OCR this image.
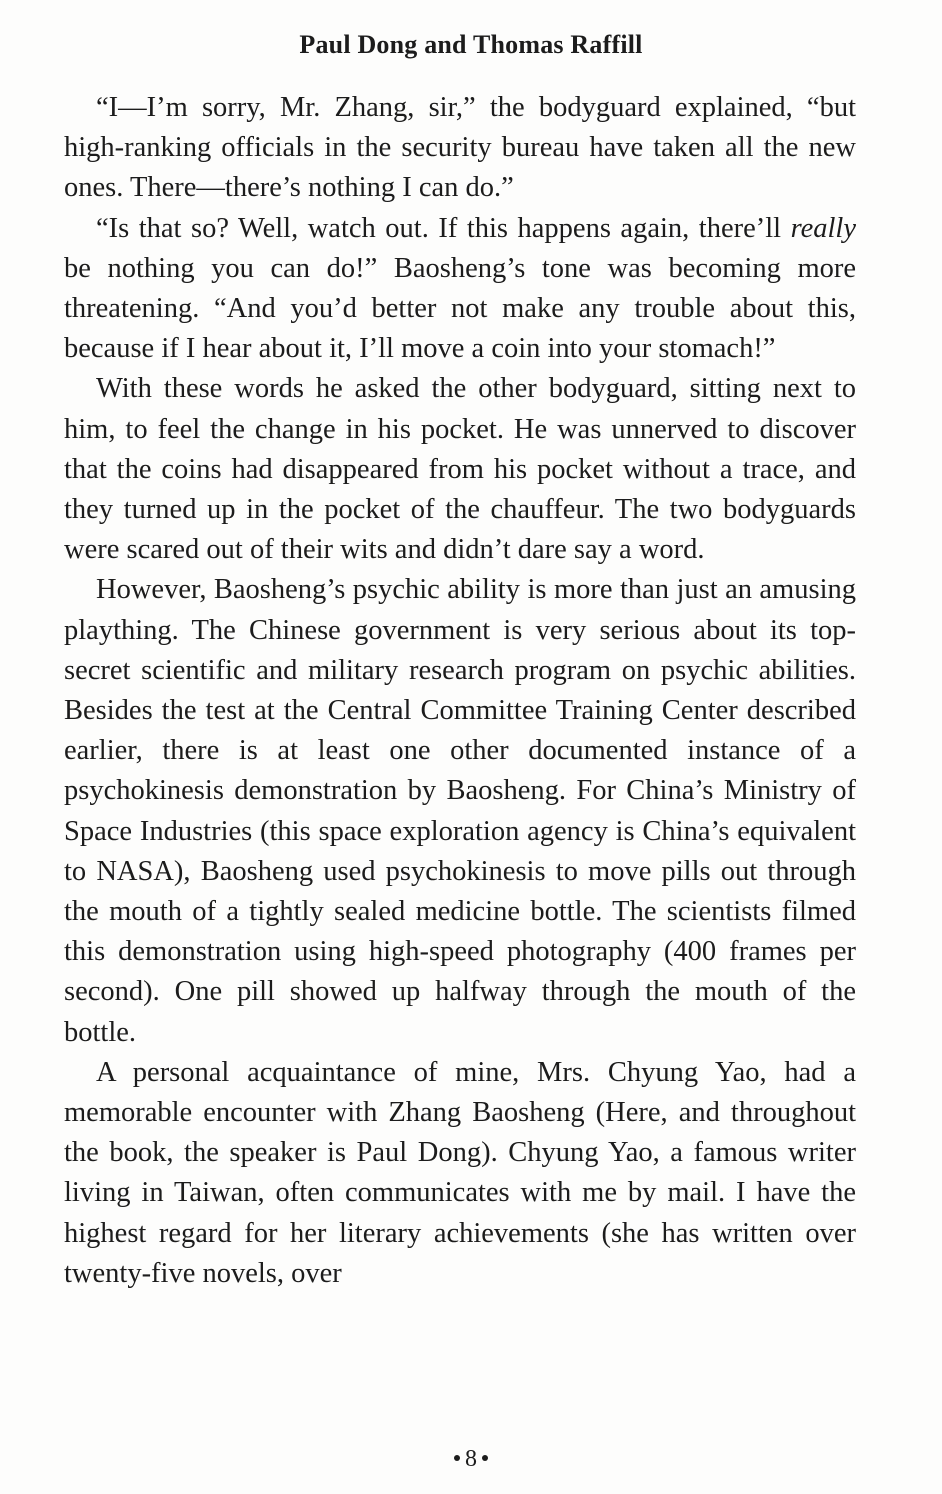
Paul Dong and Thomas Raffill

“I—I’m sorry, Mr. Zhang, sir,” the bodyguard explained, “but high-ranking officials in the security bureau have taken all the new ones. There—there’s nothing I can do.”

“Is that so? Well, watch out. If this happens again, there’ll really be nothing you can do!” Baosheng’s tone was becoming more threatening. “And you’d better not make any trouble about this, because if I hear about it, I’ll move a coin into your stomach!”

With these words he asked the other bodyguard, sitting next to him, to feel the change in his pocket. He was unnerved to discover that the coins had disappeared from his pocket without a trace, and they turned up in the pocket of the chauffeur. The two bodyguards were scared out of their wits and didn’t dare say a word.

However, Baosheng’s psychic ability is more than just an amusing plaything. The Chinese government is very serious about its top-secret scientific and military research program on psychic abilities. Besides the test at the Central Committee Training Center described earlier, there is at least one other documented instance of a psychokinesis demonstration by Baosheng. For China’s Ministry of Space Industries (this space exploration agency is China’s equivalent to NASA), Baosheng used psychokinesis to move pills out through the mouth of a tightly sealed medicine bottle. The scientists filmed this demonstration using high-speed photography (400 frames per second). One pill showed up halfway through the mouth of the bottle.

A personal acquaintance of mine, Mrs. Chyung Yao, had a memorable encounter with Zhang Baosheng (Here, and throughout the book, the speaker is Paul Dong). Chyung Yao, a famous writer living in Taiwan, often communicates with me by mail. I have the highest regard for her literary achievements (she has written over twenty-five novels, over

8
